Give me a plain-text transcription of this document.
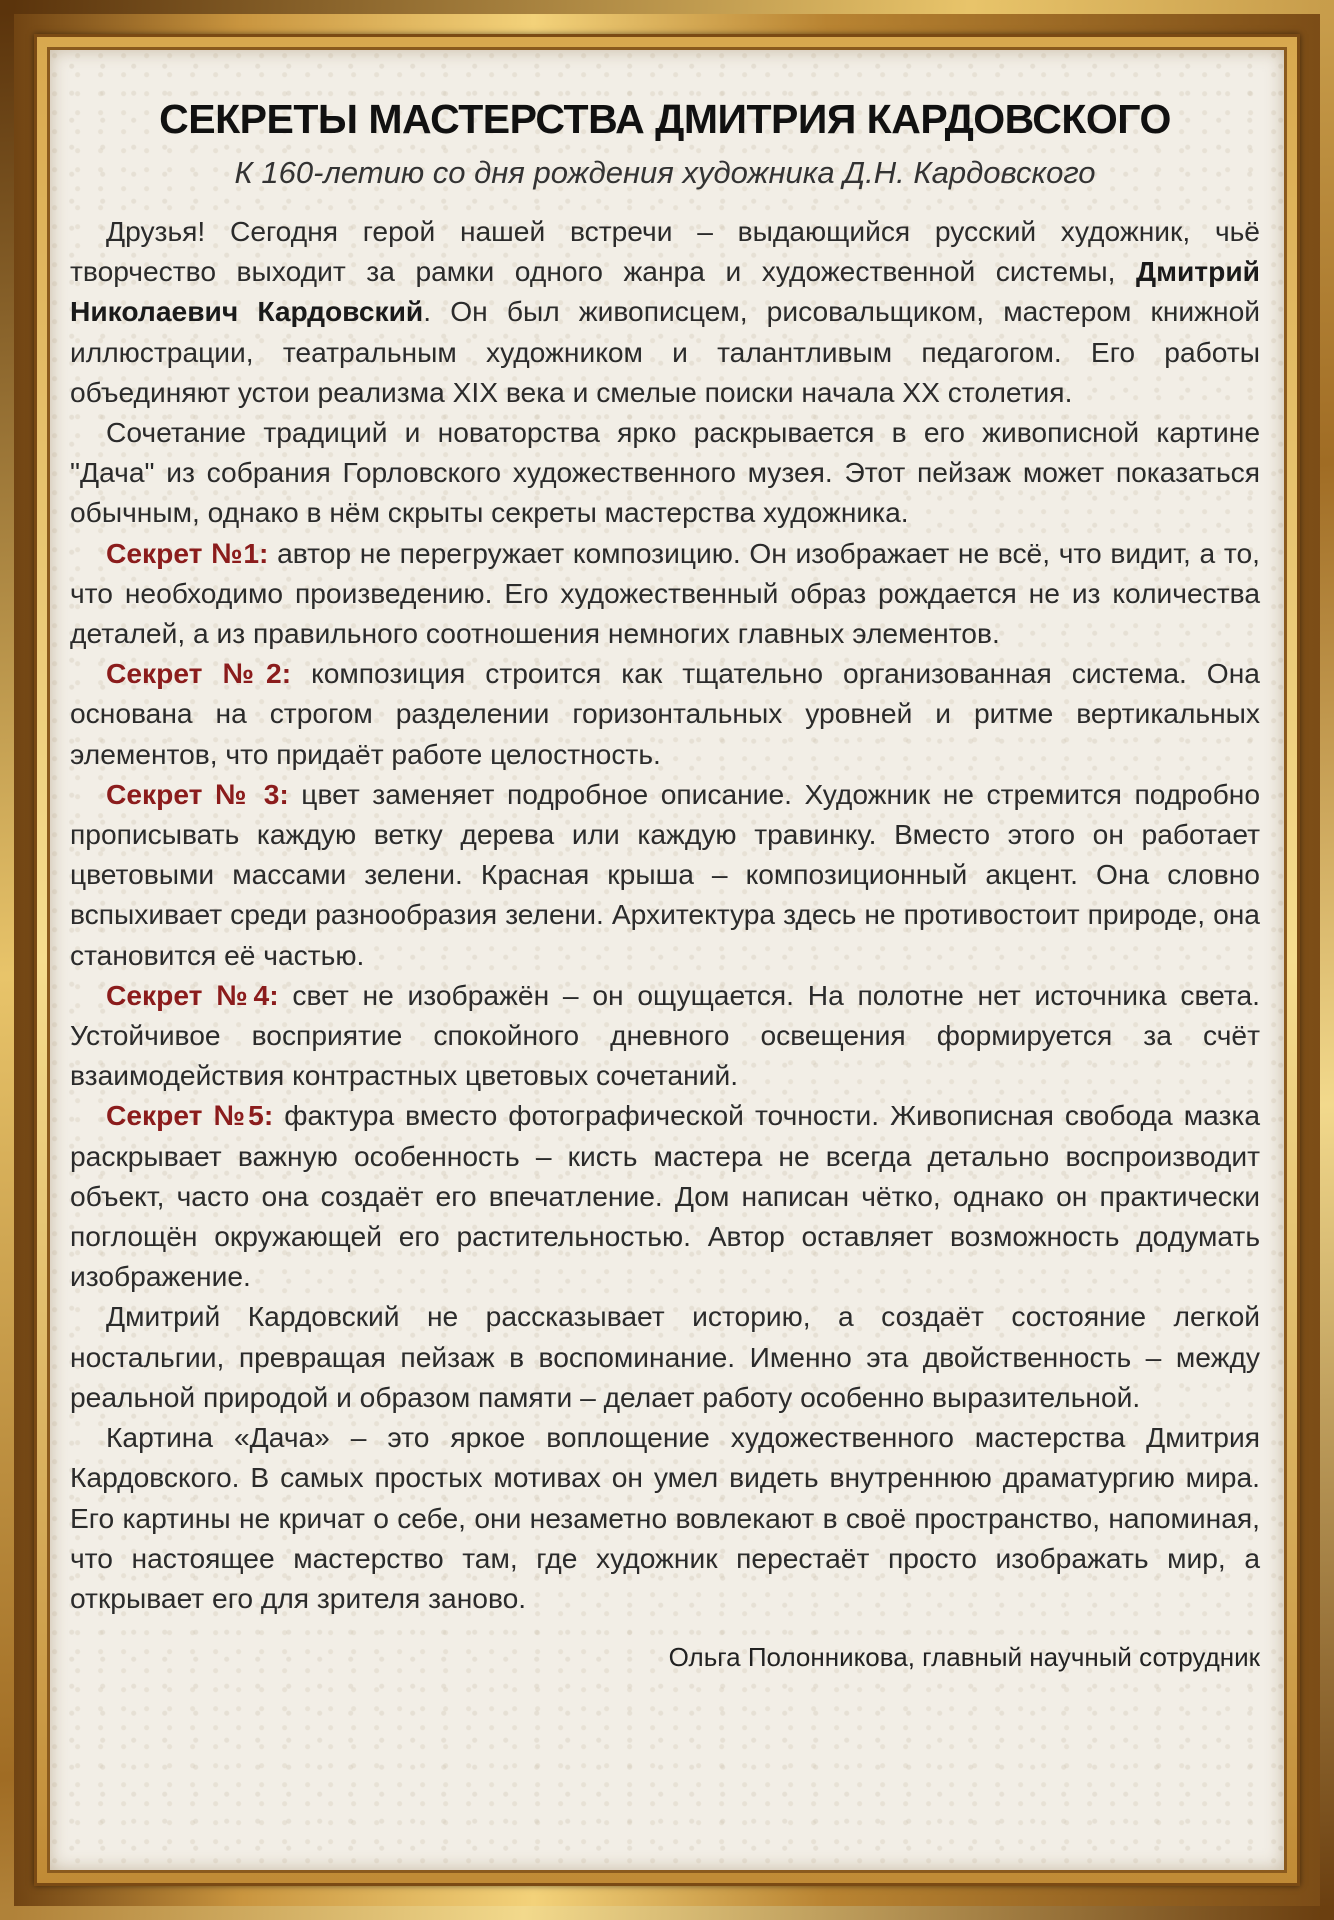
СЕКРЕТЫ МАСТЕРСТВА ДМИТРИЯ КАРДОВСКОГО
К 160-летию со дня рождения художника Д.Н. Кардовского

Друзья! Сегодня герой нашей встречи – выдающийся русский художник, чьё творчество выходит за рамки одного жанра и художественной системы, Дмитрий Николаевич Кардовский. Он был живописцем, рисовальщиком, мастером книжной иллюстрации, театральным художником и талантливым педагогом. Его работы объединяют устои реализма XIX века и смелые поиски начала XX столетия.

Сочетание традиций и новаторства ярко раскрывается в его живописной картине "Дача" из собрания Горловского художественного музея. Этот пейзаж может показаться обычным, однако в нём скрыты секреты мастерства художника.

Секрет №1: автор не перегружает композицию. Он изображает не всё, что видит, а то, что необходимо произведению. Его художественный образ рождается не из количества деталей, а из правильного соотношения немногих главных элементов.

Секрет №2: композиция строится как тщательно организованная система. Она основана на строгом разделении горизонтальных уровней и ритме вертикальных элементов, что придаёт работе целостность.

Секрет № 3: цвет заменяет подробное описание. Художник не стремится подробно прописывать каждую ветку дерева или каждую травинку. Вместо этого он работает цветовыми массами зелени. Красная крыша – композиционный акцент. Она словно вспыхивает среди разнообразия зелени. Архитектура здесь не противостоит природе, она становится её частью.

Секрет №4: свет не изображён – он ощущается. На полотне нет источника света. Устойчивое восприятие спокойного дневного освещения формируется за счёт взаимодействия контрастных цветовых сочетаний.

Секрет №5: фактура вместо фотографической точности. Живописная свобода мазка раскрывает важную особенность – кисть мастера не всегда детально воспроизводит объект, часто она создаёт его впечатление. Дом написан чётко, однако он практически поглощён окружающей его растительностью. Автор оставляет возможность додумать изображение.

Дмитрий Кардовский не рассказывает историю, а создаёт состояние легкой ностальгии, превращая пейзаж в воспоминание. Именно эта двойственность – между реальной природой и образом памяти – делает работу особенно выразительной.

Картина «Дача» – это яркое воплощение художественного мастерства Дмитрия Кардовского. В самых простых мотивах он умел видеть внутреннюю драматургию мира. Его картины не кричат о себе, они незаметно вовлекают в своё пространство, напоминая, что настоящее мастерство там, где художник перестаёт просто изображать мир, а открывает его для зрителя заново.

Ольга Полонникова, главный научный сотрудник
